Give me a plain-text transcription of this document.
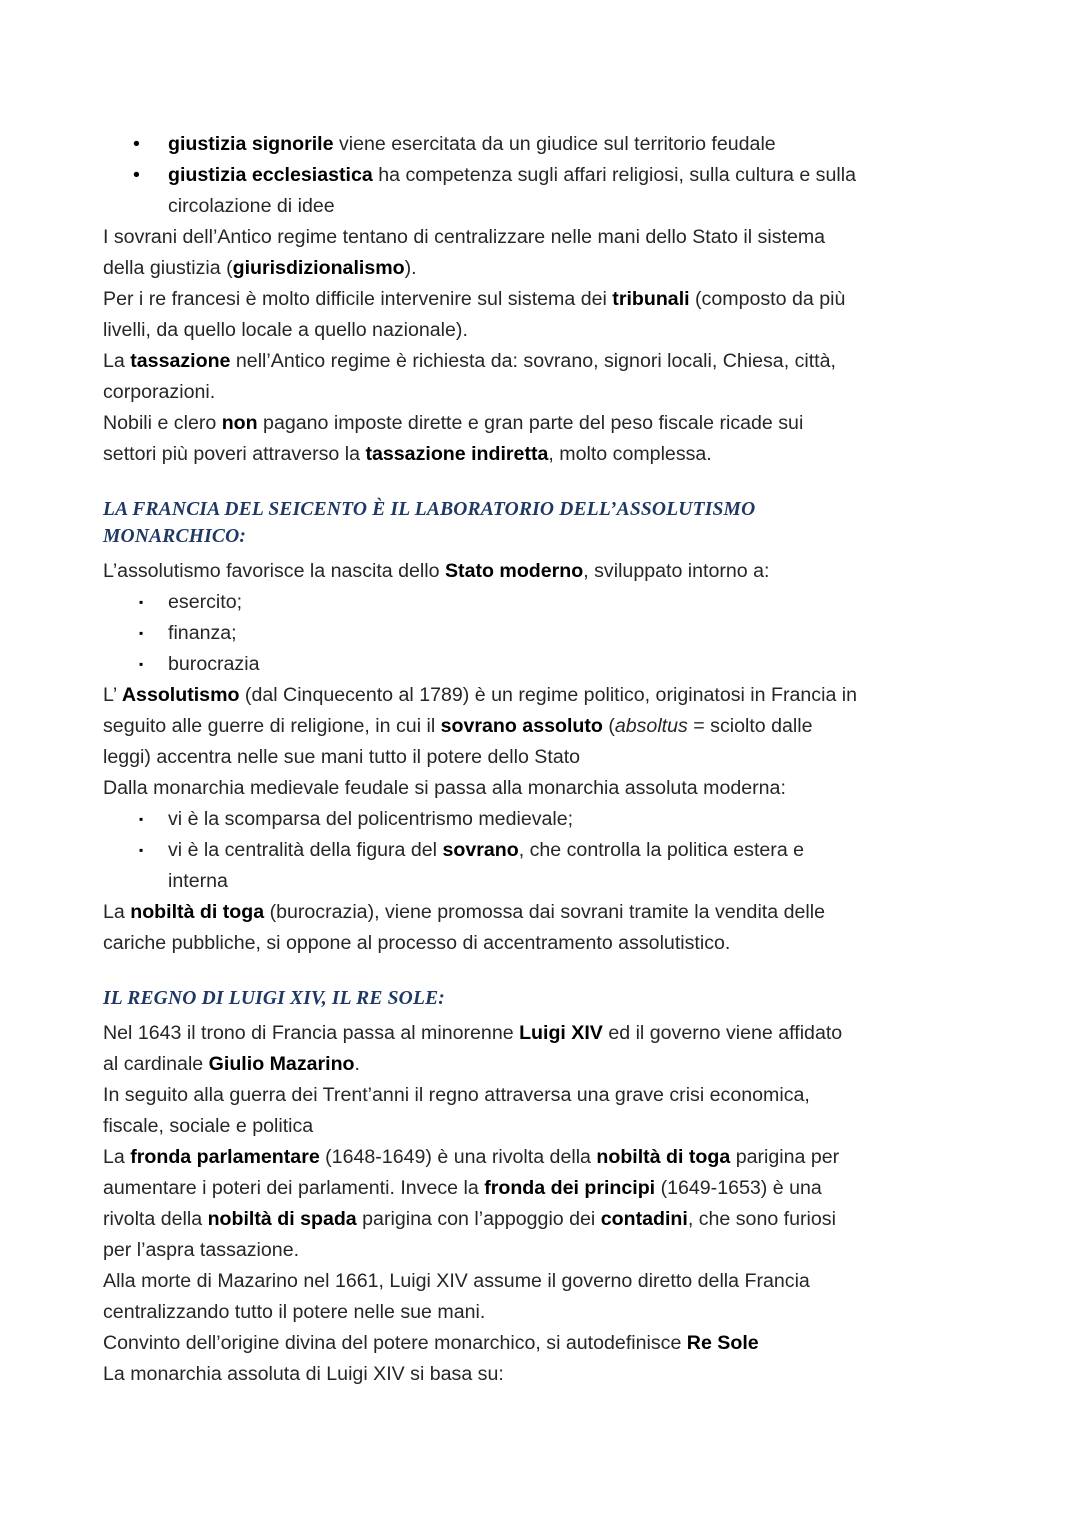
• giustizia signorile viene esercitata da un giudice sul territorio feudale
• giustizia ecclesiastica ha competenza sugli affari religiosi, sulla cultura e sulla
circolazione di idee
I sovrani dell’Antico regime tentano di centralizzare nelle mani dello Stato il sistema
della giustizia (giurisdizionalismo).
Per i re francesi è molto difficile intervenire sul sistema dei tribunali (composto da più
livelli, da quello locale a quello nazionale).
La tassazione nell’Antico regime è richiesta da: sovrano, signori locali, Chiesa, città,
corporazioni.
Nobili e clero non pagano imposte dirette e gran parte del peso fiscale ricade sui
settori più poveri attraverso la tassazione indiretta, molto complessa.
LA FRANCIA DEL SEICENTO È IL LABORATORIO DELL’ASSOLUTISMO
MONARCHICO:
L’assolutismo favorisce la nascita dello Stato moderno, sviluppato intorno a:
▪ esercito;
▪ finanza;
▪ burocrazia
L’ Assolutismo (dal Cinquecento al 1789) è un regime politico, originatosi in Francia in
seguito alle guerre di religione, in cui il sovrano assoluto (absoltus = sciolto dalle
leggi) accentra nelle sue mani tutto il potere dello Stato
Dalla monarchia medievale feudale si passa alla monarchia assoluta moderna:
▪ vi è la scomparsa del policentrismo medievale;
▪ vi è la centralità della figura del sovrano, che controlla la politica estera e
interna
La nobiltà di toga (burocrazia), viene promossa dai sovrani tramite la vendita delle
cariche pubbliche, si oppone al processo di accentramento assolutistico.
IL REGNO DI LUIGI XIV, IL RE SOLE:
Nel 1643 il trono di Francia passa al minorenne Luigi XIV ed il governo viene affidato
al cardinale Giulio Mazarino.
In seguito alla guerra dei Trent’anni il regno attraversa una grave crisi economica,
fiscale, sociale e politica
La fronda parlamentare (1648-1649) è una rivolta della nobiltà di toga parigina per
aumentare i poteri dei parlamenti. Invece la fronda dei principi (1649-1653) è una
rivolta della nobiltà di spada parigina con l’appoggio dei contadini, che sono furiosi
per l’aspra tassazione.
Alla morte di Mazarino nel 1661, Luigi XIV assume il governo diretto della Francia
centralizzando tutto il potere nelle sue mani.
Convinto dell’origine divina del potere monarchico, si autodefinisce Re Sole
La monarchia assoluta di Luigi XIV si basa su:
